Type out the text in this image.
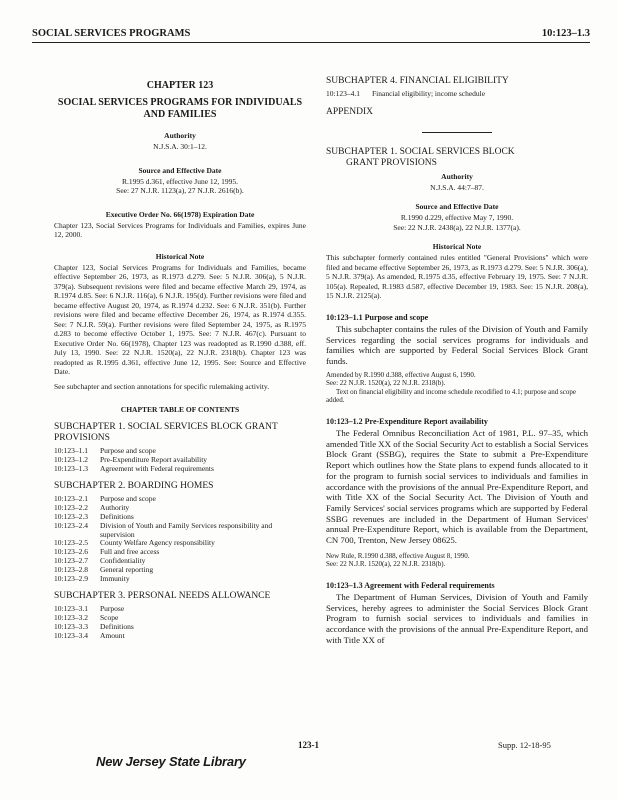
SOCIAL SERVICES PROGRAMS	10:123–1.3
CHAPTER 123
SOCIAL SERVICES PROGRAMS FOR INDIVIDUALS AND FAMILIES
Authority
N.J.S.A. 30:1–12.
Source and Effective Date
R.1995 d.361, effective June 12, 1995.
See: 27 N.J.R. 1123(a), 27 N.J.R. 2616(b).
Executive Order No. 66(1978) Expiration Date
Chapter 123, Social Services Programs for Individuals and Families, expires June 12, 2000.
Historical Note
Chapter 123, Social Services Programs for Individuals and Families, became effective September 26, 1973, as R.1973 d.279. See: 5 N.J.R. 306(a), 5 N.J.R. 379(a). Subsequent revisions were filed and became effective March 29, 1974, as R.1974 d.85. See: 6 N.J.R. 116(a), 6 N.J.R. 195(d). Further revisions were filed and became effective August 20, 1974, as R.1974 d.232. See: 6 N.J.R. 351(b). Further revisions were filed and became effective December 26, 1974, as R.1974 d.355. See: 7 N.J.R. 59(a). Further revisions were filed September 24, 1975, as R.1975 d.283 to become effective October 1, 1975. See: 7 N.J.R. 467(c). Pursuant to Executive Order No. 66(1978), Chapter 123 was readopted as R.1990 d.388, eff. July 13, 1990. See: 22 N.J.R. 1520(a), 22 N.J.R. 2318(b). Chapter 123 was readopted as R.1995 d.361, effective June 12, 1995. See: Source and Effective Date.
See subchapter and section annotations for specific rulemaking activity.
CHAPTER TABLE OF CONTENTS
SUBCHAPTER 1. SOCIAL SERVICES BLOCK GRANT PROVISIONS
10:123–1.1	Purpose and scope
10:123–1.2	Pre-Expenditure Report availability
10:123–1.3	Agreement with Federal requirements
SUBCHAPTER 2. BOARDING HOMES
10:123–2.1	Purpose and scope
10:123–2.2	Authority
10:123–2.3	Definitions
10:123–2.4	Division of Youth and Family Services responsibility and supervision
10:123–2.5	County Welfare Agency responsibility
10:123–2.6	Full and free access
10:123–2.7	Confidentiality
10:123–2.8	General reporting
10:123–2.9	Immunity
SUBCHAPTER 3. PERSONAL NEEDS ALLOWANCE
10:123–3.1	Purpose
10:123–3.2	Scope
10:123–3.3	Definitions
10:123–3.4	Amount
SUBCHAPTER 4. FINANCIAL ELIGIBILITY
10:123–4.1	Financial eligibility; income schedule
APPENDIX
SUBCHAPTER 1. SOCIAL SERVICES BLOCK
GRANT PROVISIONS
Authority
N.J.S.A. 44:7–87.
Source and Effective Date
R.1990 d.229, effective May 7, 1990.
See: 22 N.J.R. 2438(a), 22 N.J.R. 1377(a).
Historical Note
This subchapter formerly contained rules entitled "General Provisions" which were filed and became effective September 26, 1973, as R.1973 d.279. See: 5 N.J.R. 306(a), 5 N.J.R. 379(a). As amended, R.1975 d.35, effective February 19, 1975. See: 7 N.J.R. 105(a). Repealed, R.1983 d.587, effective December 19, 1983. See: 15 N.J.R. 208(a), 15 N.J.R. 2125(a).
10:123–1.1 Purpose and scope
This subchapter contains the rules of the Division of Youth and Family Services regarding the social services programs for individuals and families which are supported by Federal Social Services Block Grant funds.
Amended by R.1990 d.388, effective August 6, 1990.
See: 22 N.J.R. 1520(a), 22 N.J.R. 2318(b).
Text on financial eligibility and income schedule recodified to 4.1; purpose and scope added.
10:123–1.2 Pre-Expenditure Report availability
The Federal Omnibus Reconciliation Act of 1981, P.L. 97–35, which amended Title XX of the Social Security Act to establish a Social Services Block Grant (SSBG), requires the State to submit a Pre-Expenditure Report which outlines how the State plans to expend funds allocated to it for the program to furnish social services to individuals and families in accordance with the provisions of the annual Pre-Expenditure Report, and with Title XX of the Social Security Act. The Division of Youth and Family Services' social services programs which are supported by Federal SSBG revenues are included in the Department of Human Services' annual Pre-Expenditure Report, which is available from the Department, CN 700, Trenton, New Jersey 08625.
New Rule, R.1990 d.388, effective August 8, 1990.
See: 22 N.J.R. 1520(a), 22 N.J.R. 2318(b).
10:123–1.3 Agreement with Federal requirements
The Department of Human Services, Division of Youth and Family Services, hereby agrees to administer the Social Services Block Grant Program to furnish social services to individuals and families in accordance with the provisions of the annual Pre-Expenditure Report, and with Title XX of
123-1	Supp. 12-18-95
New Jersey State Library
